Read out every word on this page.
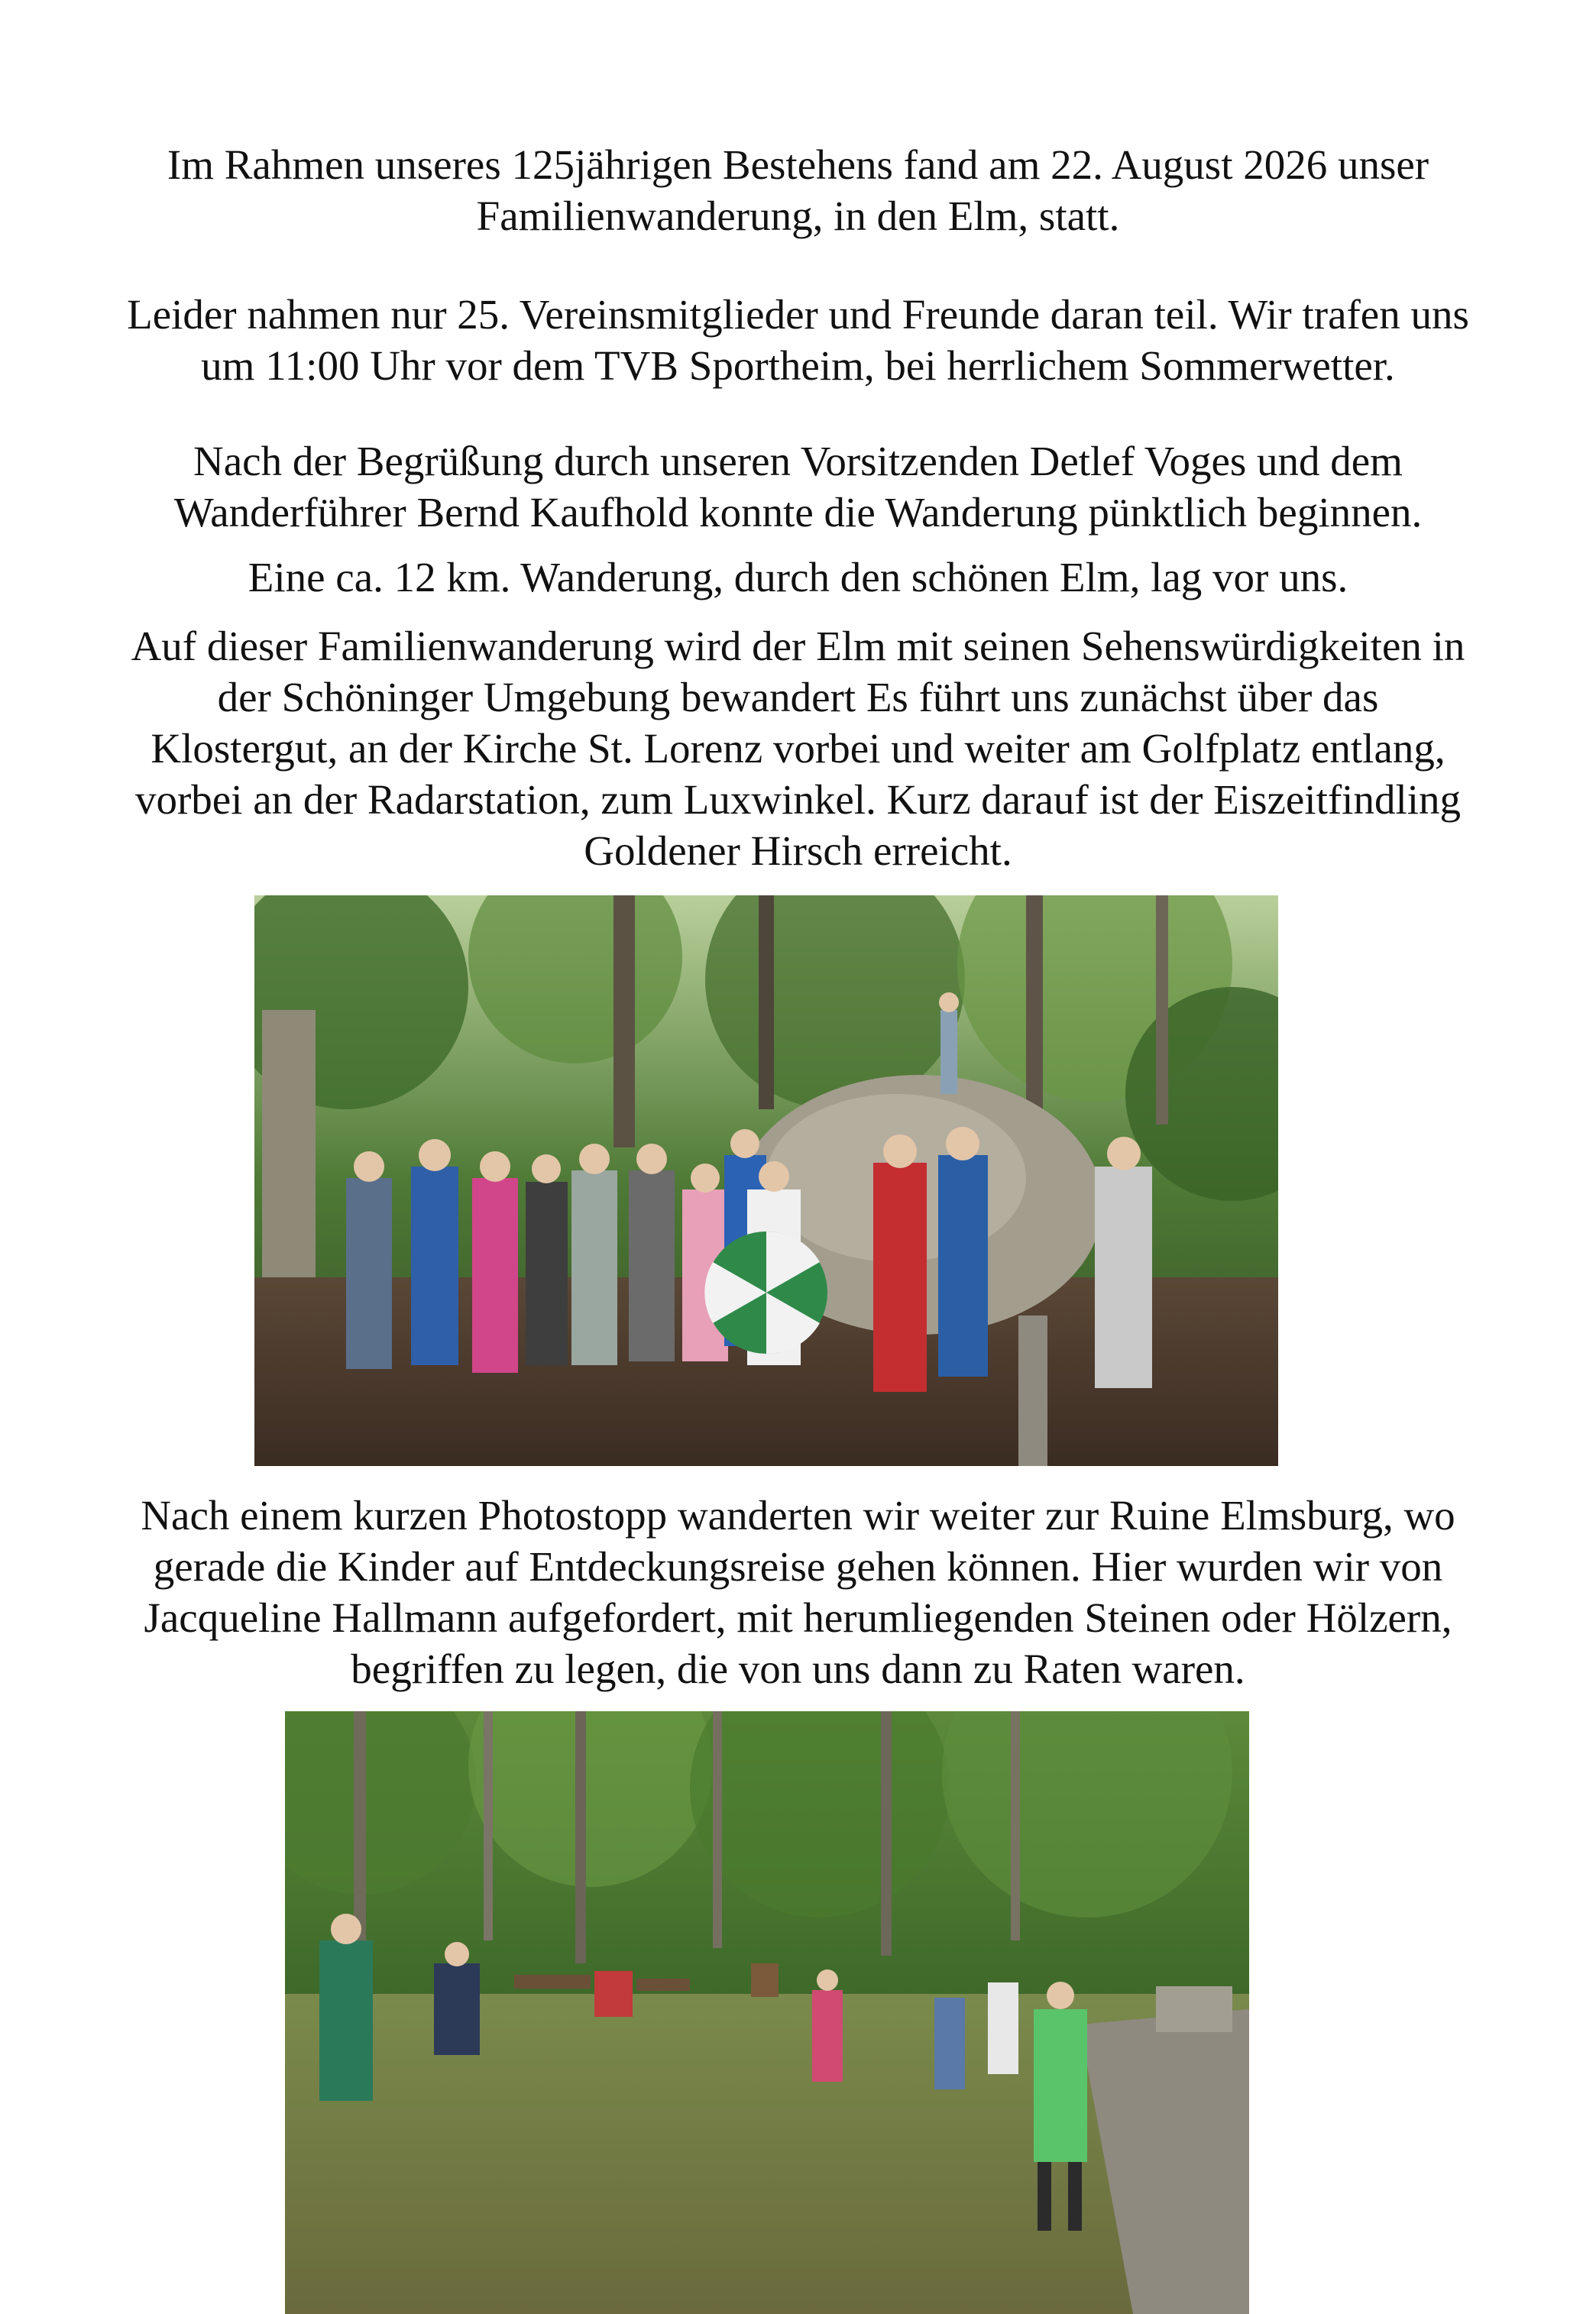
Im Rahmen unseres 125jährigen Bestehens fand am 22. August 2026 unser
Familienwanderung, in den Elm, statt.

Leider nahmen nur 25. Vereinsmitglieder und Freunde daran teil. Wir trafen uns
um 11:00 Uhr vor dem TVB Sportheim, bei herrlichem Sommerwetter.

Nach der Begrüßung durch unseren Vorsitzenden Detlef Voges und dem
Wanderführer Bernd Kaufhold konnte die Wanderung pünktlich beginnen.

Eine ca. 12 km. Wanderung, durch den schönen Elm, lag vor uns.

Auf dieser Familienwanderung wird der Elm mit seinen Sehenswürdigkeiten in
der Schöninger Umgebung bewandert Es führt uns zunächst über das
Klostergut, an der Kirche St. Lorenz vorbei und weiter am Golfplatz entlang,
vorbei an der Radarstation, zum Luxwinkel. Kurz darauf ist der Eiszeitfindling
Goldener Hirsch erreicht.

Nach einem kurzen Photostopp wanderten wir weiter zur Ruine Elmsburg, wo
gerade die Kinder auf Entdeckungsreise gehen können. Hier wurden wir von
Jacqueline Hallmann aufgefordert, mit herumliegenden Steinen oder Hölzern,
begriffen zu legen, die von uns dann zu Raten waren.
